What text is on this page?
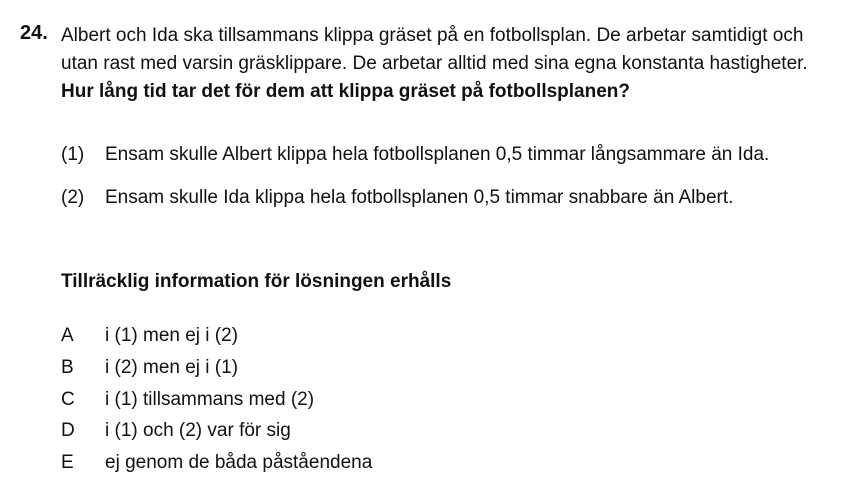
24. Albert och Ida ska tillsammans klippa gräset på en fotbollsplan. De arbetar samtidigt och
utan rast med varsin gräsklippare. De arbetar alltid med sina egna konstanta hastigheter.
Hur lång tid tar det för dem att klippa gräset på fotbollsplanen?
(1) Ensam skulle Albert klippa hela fotbollsplanen 0,5 timmar långsammare än Ida.
(2) Ensam skulle Ida klippa hela fotbollsplanen 0,5 timmar snabbare än Albert.
Tillräcklig information för lösningen erhålls
A i (1) men ej i (2)
B i (2) men ej i (1)
C i (1) tillsammans med (2)
D i (1) och (2) var för sig
E ej genom de båda påståendena
